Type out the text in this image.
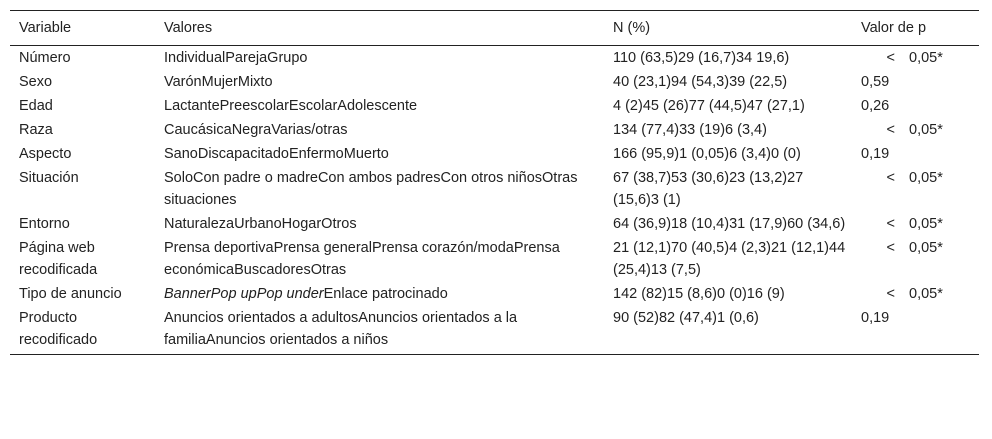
Variable	Valores	N (%)	Valor de p
Número	IndividualParejaGrupo	110 (63,5)29 (16,7)34 19,6)	< 0,05*

Sexo	VarónMujerMixto	40 (23,1)94 (54,3)39 (22,5)	0,59
Edad	LactantePreescolarEscolarAdolescente	4 (2)45 (26)77 (44,5)47 (27,1)	0,26
Raza	CaucásicaNegraVarias/otras	134 (77,4)33 (19)6 (3,4)	< 0,05*

Aspecto	SanoDiscapacitadoEnfermoMuerto	166 (95,9)1 (0,05)6 (3,4)0 (0)	0,19
Situación	SoloCon padre o madreCon ambos padresCon otros niñosOtras situaciones	67 (38,7)53 (30,6)23 (13,2)27 (15,6)3 (1)	< 0,05*

Entorno	NaturalezaUrbanoHogarOtros	64 (36,9)18 (10,4)31 (17,9)60 (34,6)	< 0,05*

Página web recodificada	Prensa deportivaPrensa generalPrensa corazón/modaPrensa económicaBuscadoresOtras	21 (12,1)70 (40,5)4 (2,3)21 (12,1)44 (25,4)13 (7,5)	< 0,05*

Tipo de anuncio	BannerPop upPop underEnlace patrocinado	142 (82)15 (8,6)0 (0)16 (9)	< 0,05*

Producto recodificado	Anuncios orientados a adultosAnuncios orientados a la familiaAnuncios orientados a niños	90 (52)82 (47,4)1 (0,6)	0,19
